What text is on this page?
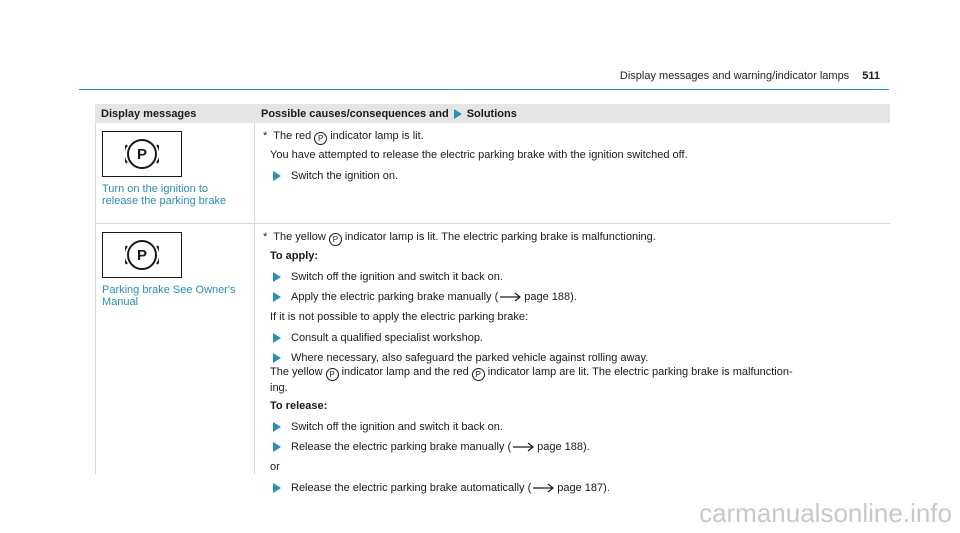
Display messages and warning/indicator lamps 511
Display messages	Possible causes/consequences and Solutions
P
Turn on the ignition to
release the parking brake
* The red P indicator lamp is lit.
You have attempted to release the electric parking brake with the ignition switched off.
Switch the ignition on.
P
Parking brake See Owner's
Manual
* The yellow P indicator lamp is lit. The electric parking brake is malfunctioning.
To apply:
Switch off the ignition and switch it back on.
Apply the electric parking brake manually ( page 188).
If it is not possible to apply the electric parking brake:
Consult a qualified specialist workshop.
Where necessary, also safeguard the parked vehicle against rolling away.
The yellow P indicator lamp and the red P indicator lamp are lit. The electric parking brake is malfunction-
ing.
To release:
Switch off the ignition and switch it back on.
Release the electric parking brake manually ( page 188).
or
Release the electric parking brake automatically ( page 187).
carmanualsonline.info
